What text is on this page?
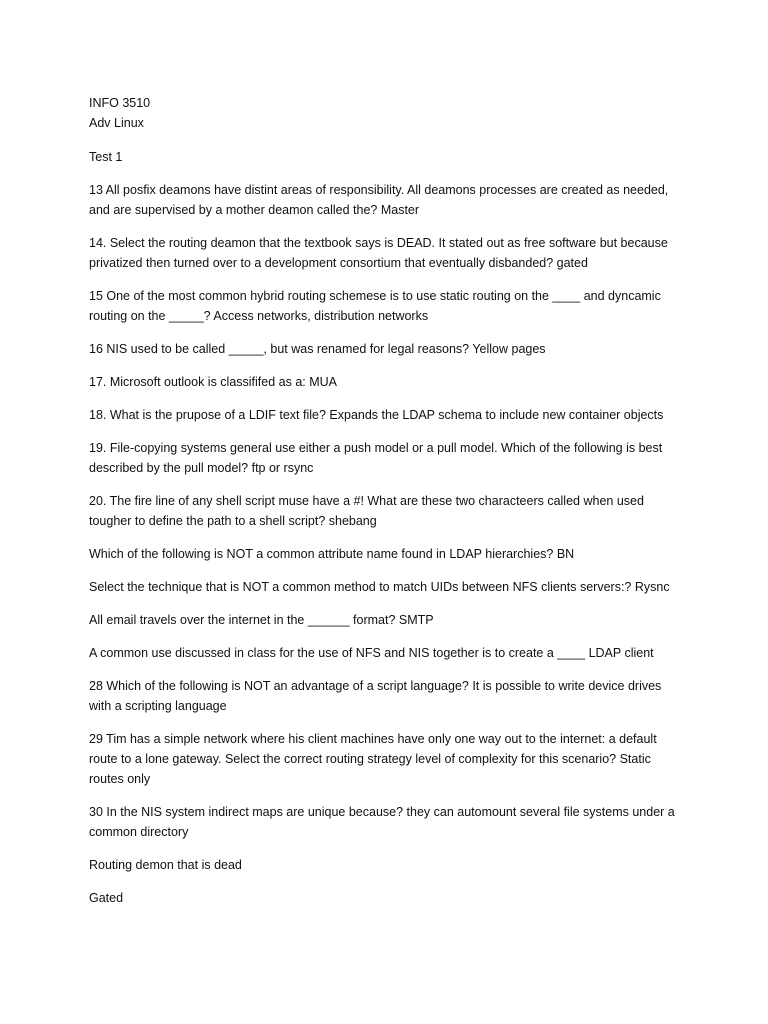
INFO 3510

Adv Linux

Test 1

13 All posfix deamons have distint areas of responsibility. All deamons processes are created as needed, and are supervised by a mother deamon called the? Master

14. Select the routing deamon that the textbook says is DEAD. It stated out as free software but because privatized then turned over to a development consortium that eventually disbanded? gated

15 One of the most common hybrid routing schemese is to use static routing on the ____ and dyncamic routing on the _____? Access networks, distribution networks

16 NIS used to be called _____, but was renamed for legal reasons? Yellow pages

17. Microsoft outlook is classififed as a: MUA

18. What is the prupose of a LDIF text file? Expands the LDAP schema to include new container objects

19. File-copying systems general use either a push model or a pull model. Which of the following is best described by the pull model? ftp or rsync

20. The fire line of any shell script muse have a #! What are these two characteers called when used tougher to define the path to a shell script? shebang

Which of the following is NOT a common attribute name found in LDAP hierarchies? BN

Select the technique that is NOT a common method to match UIDs between NFS clients servers:? Rysnc

All email travels over the internet in the ______ format? SMTP

A common use discussed in class for the use of NFS and NIS together is to create a ____ LDAP client

28 Which of the following is NOT an advantage of a script language? It is possible to write device drives with a scripting language

29 Tim has a simple network where his client machines have only one way out to the internet: a default route to a lone gateway. Select the correct routing strategy level of complexity for this scenario? Static routes only

30 In the NIS system indirect maps are unique because? they can automount several file systems under a common directory

Routing demon that is dead

Gated
